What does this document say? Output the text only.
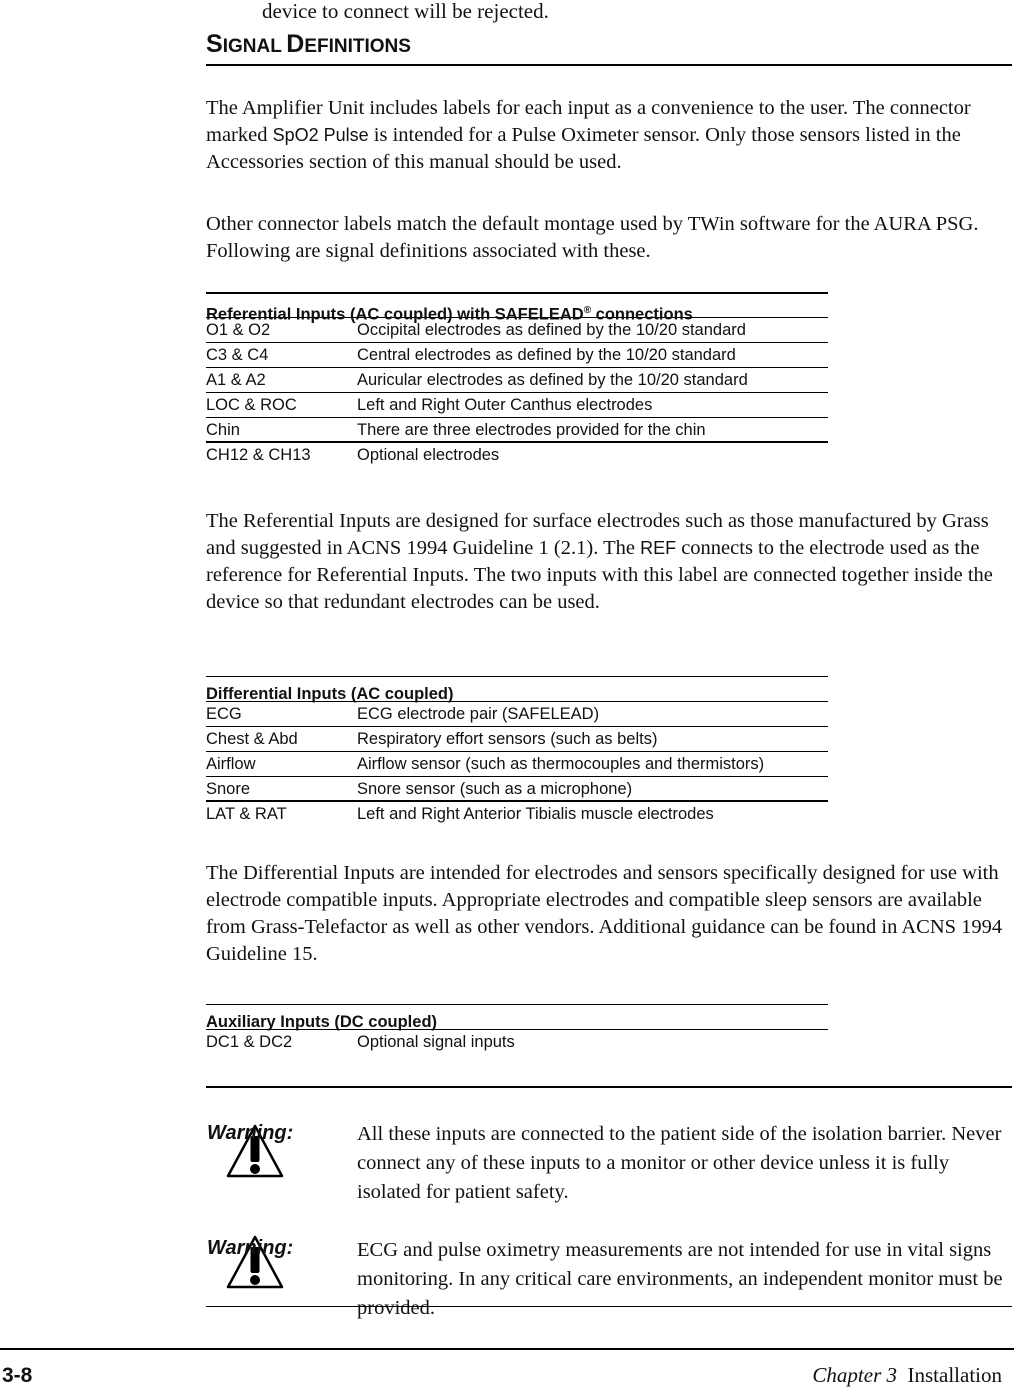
device to connect will be rejected.
SIGNAL DEFINITIONS
The Amplifier Unit includes labels for each input as a convenience to the user. The connector marked SpO2 Pulse is intended for a Pulse Oximeter sensor. Only those sensors listed in the Accessories section of this manual should be used.
Other connector labels match the default montage used by TWin software for the AURA PSG. Following are signal definitions associated with these.
Referential Inputs (AC coupled) with SAFELEAD® connections
O1 & O2	Occipital electrodes as defined by the 10/20 standard
C3 & C4	Central electrodes as defined by the 10/20 standard
A1 & A2	Auricular electrodes as defined by the 10/20 standard
LOC & ROC	Left and Right Outer Canthus electrodes
Chin	There are three electrodes provided for the chin
CH12 & CH13	Optional electrodes
The Referential Inputs are designed for surface electrodes such as those manufactured by Grass and suggested in ACNS 1994 Guideline 1 (2.1). The REF connects to the electrode used as the reference for Referential Inputs. The two inputs with this label are connected together inside the device so that redundant electrodes can be used.
Differential Inputs (AC coupled)
ECG	ECG electrode pair (SAFELEAD)
Chest & Abd	Respiratory effort sensors (such as belts)
Airflow	Airflow sensor (such as thermocouples and thermistors)
Snore	Snore sensor (such as a microphone)
LAT & RAT	Left and Right Anterior Tibialis muscle electrodes
The Differential Inputs are intended for electrodes and sensors specifically designed for use with electrode compatible inputs. Appropriate electrodes and compatible sleep sensors are available from Grass-Telefactor as well as other vendors. Additional guidance can be found in ACNS 1994 Guideline 15.
Auxiliary Inputs (DC coupled)
DC1 & DC2	Optional signal inputs
Warning:	All these inputs are connected to the patient side of the isolation barrier. Never connect any of these inputs to a monitor or other device unless it is fully isolated for patient safety.
Warning:	ECG and pulse oximetry measurements are not intended for use in vital signs monitoring. In any critical care environments, an independent monitor must be provided.
3-8	Chapter 3 Installation
